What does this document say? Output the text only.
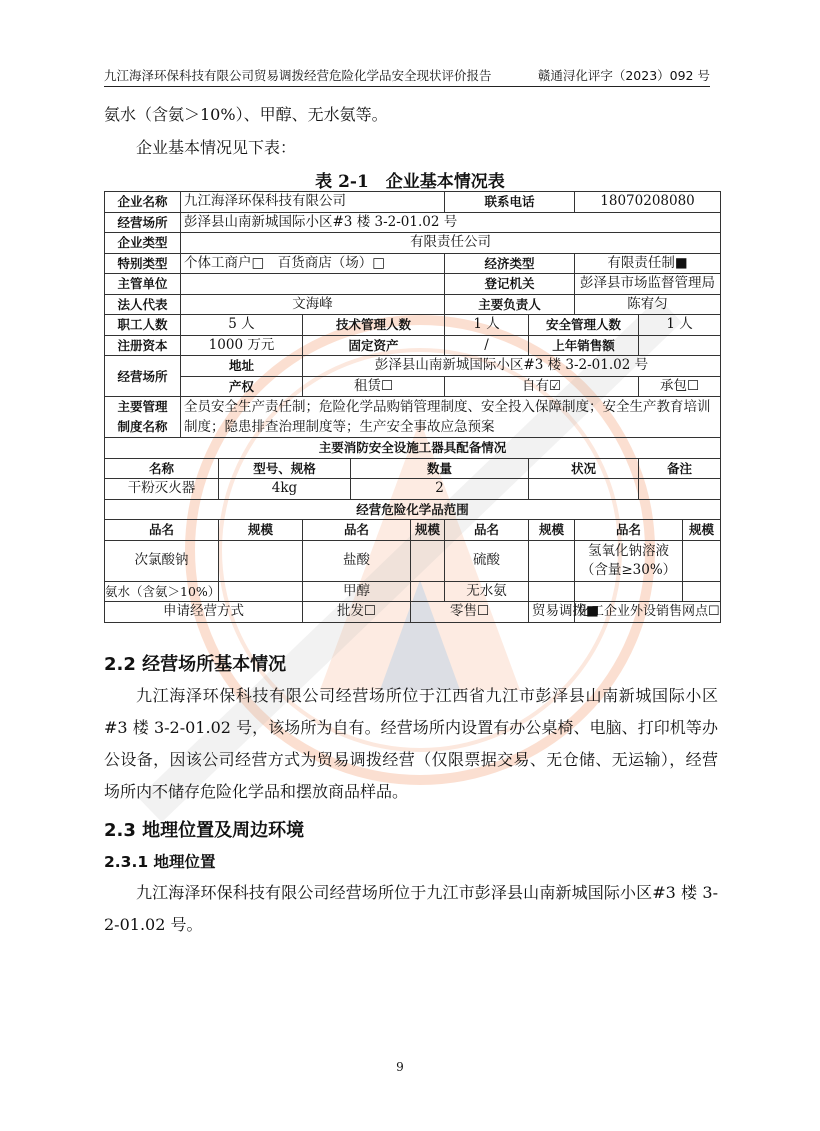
九江海泽环保科技有限公司贸易调拨经营危险化学品安全现状评价报告	赣通浔化评字（2023）092 号

氨水（含氨＞10%）、甲醇、无水氨等。

企业基本情况见下表：

表 2-1　企业基本情况表

企业名称	九江海泽环保科技有限公司					联系电话		18070208080		
经营场所	彭泽县山南新城国际小区#3 楼 3-2-01.02 号									
企业类型	有限责任公司									
特别类型	个体工商户□　百货商店（场）□					经济类型		有限责任制■		
主管单位						登记机关		彭泽县市场监督管理局		
法人代表	文海峰					主要负责人		陈宥匀		
职工人数	5 人		技术管理人数			1 人	安全管理人数		1 人	
注册资本	1000 万元		固定资产			/	上年销售额			
经营场所	地址		彭泽县山南新城国际小区#3 楼 3-2-01.02 号							
	产权		租赁☐			自有☑			承包☐	
主要管理
制度名称	全员安全生产责任制；危险化学品购销管理制度、安全投入保障制度；安全生产教育培训制度；隐患排查治理制度等；生产安全事故应急预案									
主要消防安全设施工器具配备情况										
名称		型号、规格		数量			状况		备注	
干粉灭火器		4kg		2						
经营危险化学品范围										
品名		规模	品名		规模	品名	规模	品名		规模
次氯酸钠			盐酸			硫酸		氢氧化钠溶液（含量≥30%）		
氨水（含氨＞10%）			甲醇			无水氨				
申请经营方式			批发☐		零售☐		贸易调拨■	化工企业外设销售网点☐		
2.2 经营场所基本情况

九江海泽环保科技有限公司经营场所位于江西省九江市彭泽县山南新城国际小区#3 楼 3-2-01.02 号，该场所为自有。经营场所内设置有办公桌椅、电脑、打印机等办公设备，因该公司经营方式为贸易调拨经营（仅限票据交易、无仓储、无运输），经营场所内不储存危险化学品和摆放商品样品。

2.3 地理位置及周边环境
2.3.1 地理位置

九江海泽环保科技有限公司经营场所位于九江市彭泽县山南新城国际小区#3 楼 3-2-01.02 号。

9
